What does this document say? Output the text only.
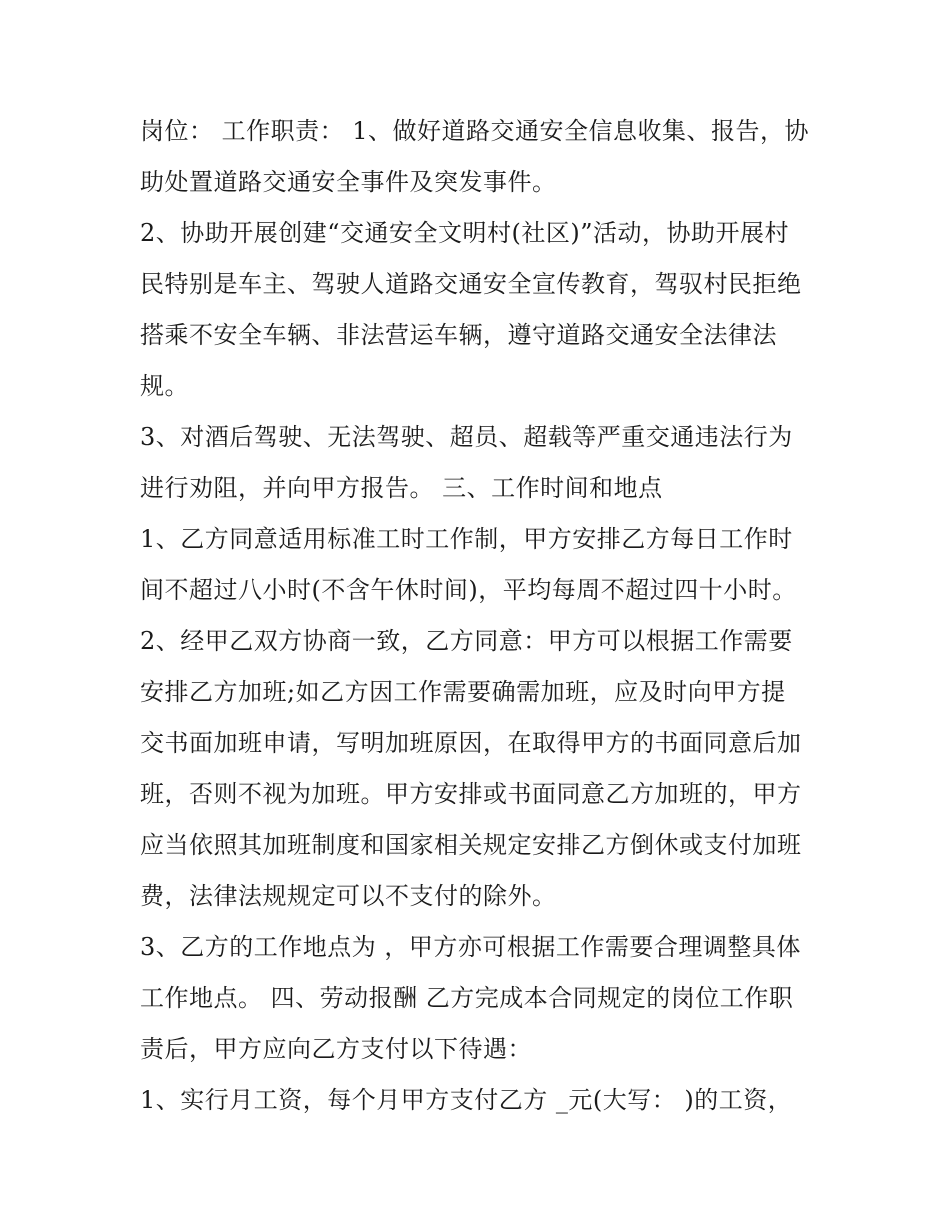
岗位： 工作职责： 1、做好道路交通安全信息收集、报告，协
助处置道路交通安全事件及突发事件。
2、协助开展创建“交通安全文明村(社区)”活动，协助开展村
民特别是车主、驾驶人道路交通安全宣传教育，驾驭村民拒绝
搭乘不安全车辆、非法营运车辆，遵守道路交通安全法律法
规。
3、对酒后驾驶、无法驾驶、超员、超载等严重交通违法行为
进行劝阻，并向甲方报告。 三、工作时间和地点
1、乙方同意适用标准工时工作制，甲方安排乙方每日工作时
间不超过八小时(不含午休时间)，平均每周不超过四十小时。
2、经甲乙双方协商一致，乙方同意：甲方可以根据工作需要
安排乙方加班;如乙方因工作需要确需加班，应及时向甲方提
交书面加班申请，写明加班原因，在取得甲方的书面同意后加
班，否则不视为加班。甲方安排或书面同意乙方加班的，甲方
应当依照其加班制度和国家相关规定安排乙方倒休或支付加班
费，法律法规规定可以不支付的除外。
3、乙方的工作地点为 ，甲方亦可根据工作需要合理调整具体
工作地点。 四、劳动报酬 乙方完成本合同规定的岗位工作职
责后，甲方应向乙方支付以下待遇：
1、实行月工资，每个月甲方支付乙方 _元(大写： )的工资，
